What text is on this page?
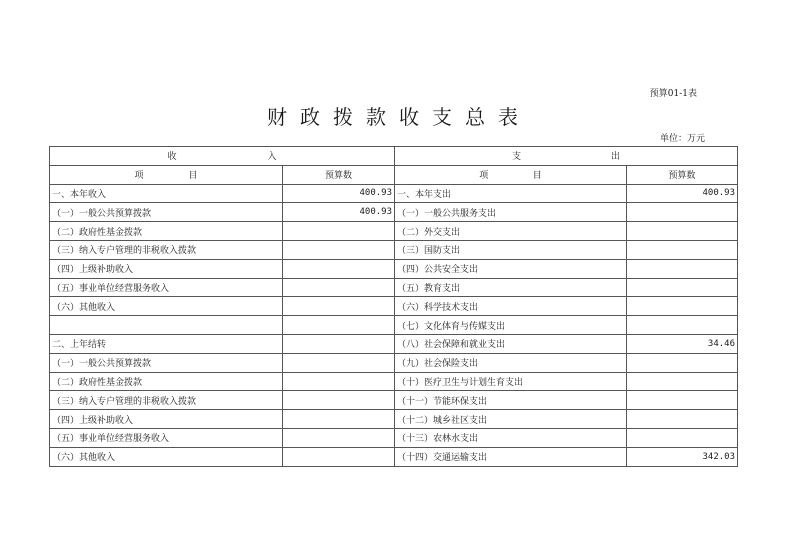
预算01-1表
财政拨款收支总表
单位：万元
收 入		支 出	

项 目	预算数	项 目	预算数
一、本年收入	400.93	一、本年支出	400.93
（一）一般公共预算拨款	400.93	（一）一般公共服务支出	
（二）政府性基金拨款		（二）外交支出	
（三）纳入专户管理的非税收入拨款		（三）国防支出	
（四）上级补助收入		（四）公共安全支出	
（五）事业单位经营服务收入		（五）教育支出	
（六）其他收入		（六）科学技术支出	
		（七）文化体育与传媒支出	
二、上年结转		（八）社会保障和就业支出	34.46
（一）一般公共预算拨款		（九）社会保险支出	
（二）政府性基金拨款		（十）医疗卫生与计划生育支出	
（三）纳入专户管理的非税收入拨款		（十一）节能环保支出	
（四）上级补助收入		（十二）城乡社区支出	
（五）事业单位经营服务收入		（十三）农林水支出	
（六）其他收入		（十四）交通运输支出	342.03
